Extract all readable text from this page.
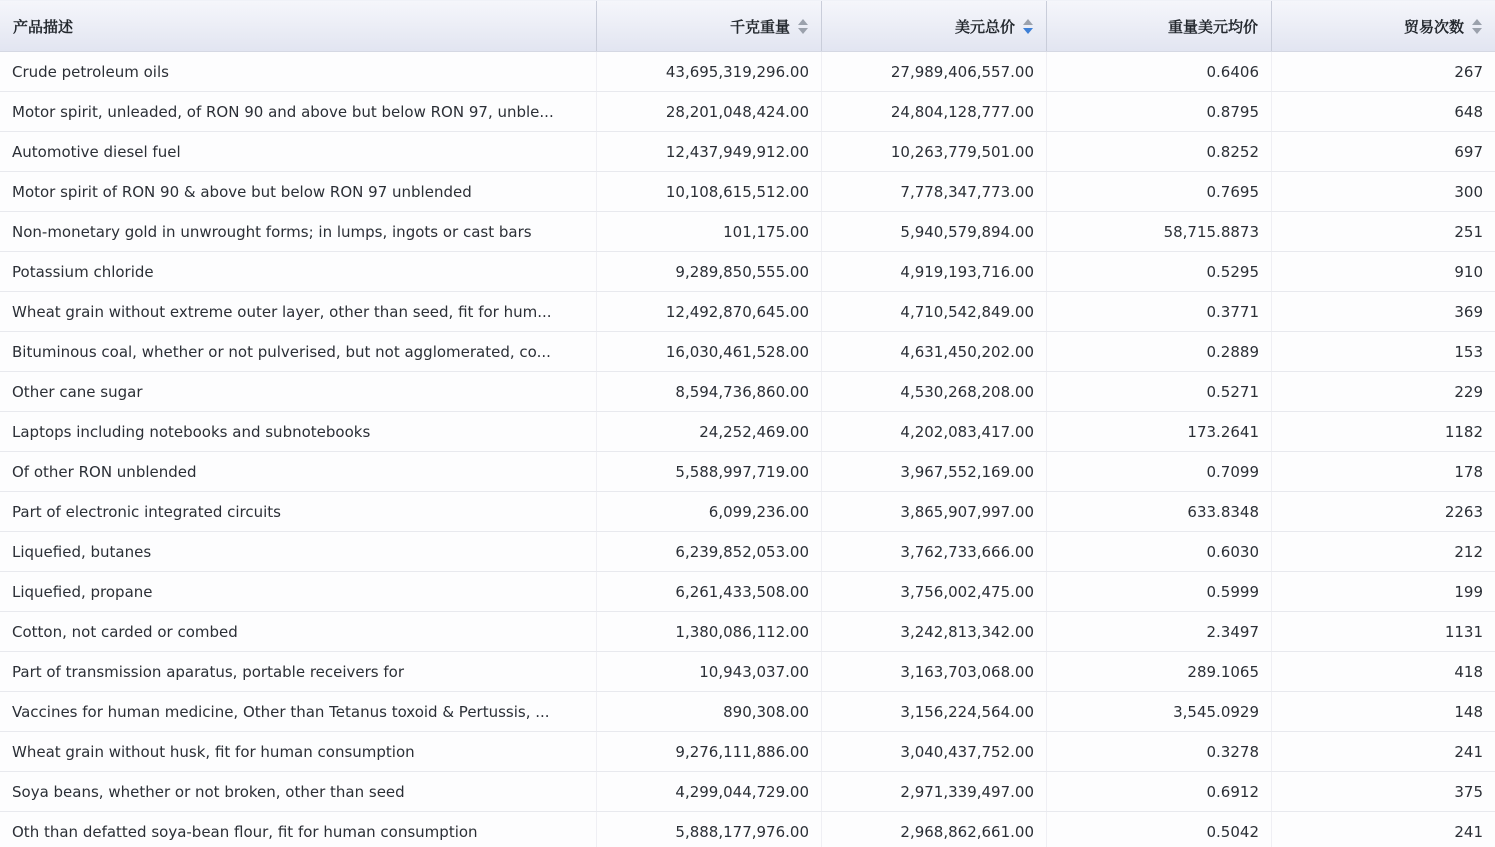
产品描述	千克重量	美元总价	重量美元均价	贸易次数
Crude petroleum oils	43,695,319,296.00	27,989,406,557.00	0.6406	267
Motor spirit, unleaded, of RON 90 and above but below RON 97, unble...	28,201,048,424.00	24,804,128,777.00	0.8795	648
Automotive diesel fuel	12,437,949,912.00	10,263,779,501.00	0.8252	697
Motor spirit of RON 90 & above but below RON 97 unblended	10,108,615,512.00	7,778,347,773.00	0.7695	300
Non-monetary gold in unwrought forms; in lumps, ingots or cast bars	101,175.00	5,940,579,894.00	58,715.8873	251
Potassium chloride	9,289,850,555.00	4,919,193,716.00	0.5295	910
Wheat grain without extreme outer layer, other than seed, fit for hum...	12,492,870,645.00	4,710,542,849.00	0.3771	369
Bituminous coal, whether or not pulverised, but not agglomerated, co...	16,030,461,528.00	4,631,450,202.00	0.2889	153
Other cane sugar	8,594,736,860.00	4,530,268,208.00	0.5271	229
Laptops including notebooks and subnotebooks	24,252,469.00	4,202,083,417.00	173.2641	1182
Of other RON unblended	5,588,997,719.00	3,967,552,169.00	0.7099	178
Part of electronic integrated circuits	6,099,236.00	3,865,907,997.00	633.8348	2263
Liquefied, butanes	6,239,852,053.00	3,762,733,666.00	0.6030	212
Liquefied, propane	6,261,433,508.00	3,756,002,475.00	0.5999	199
Cotton, not carded or combed	1,380,086,112.00	3,242,813,342.00	2.3497	1131
Part of transmission aparatus, portable receivers for	10,943,037.00	3,163,703,068.00	289.1065	418
Vaccines for human medicine, Other than Tetanus toxoid & Pertussis, ...	890,308.00	3,156,224,564.00	3,545.0929	148
Wheat grain without husk, fit for human consumption	9,276,111,886.00	3,040,437,752.00	0.3278	241
Soya beans, whether or not broken, other than seed	4,299,044,729.00	2,971,339,497.00	0.6912	375
Oth than defatted soya-bean flour, fit for human consumption	5,888,177,976.00	2,968,862,661.00	0.5042	241
